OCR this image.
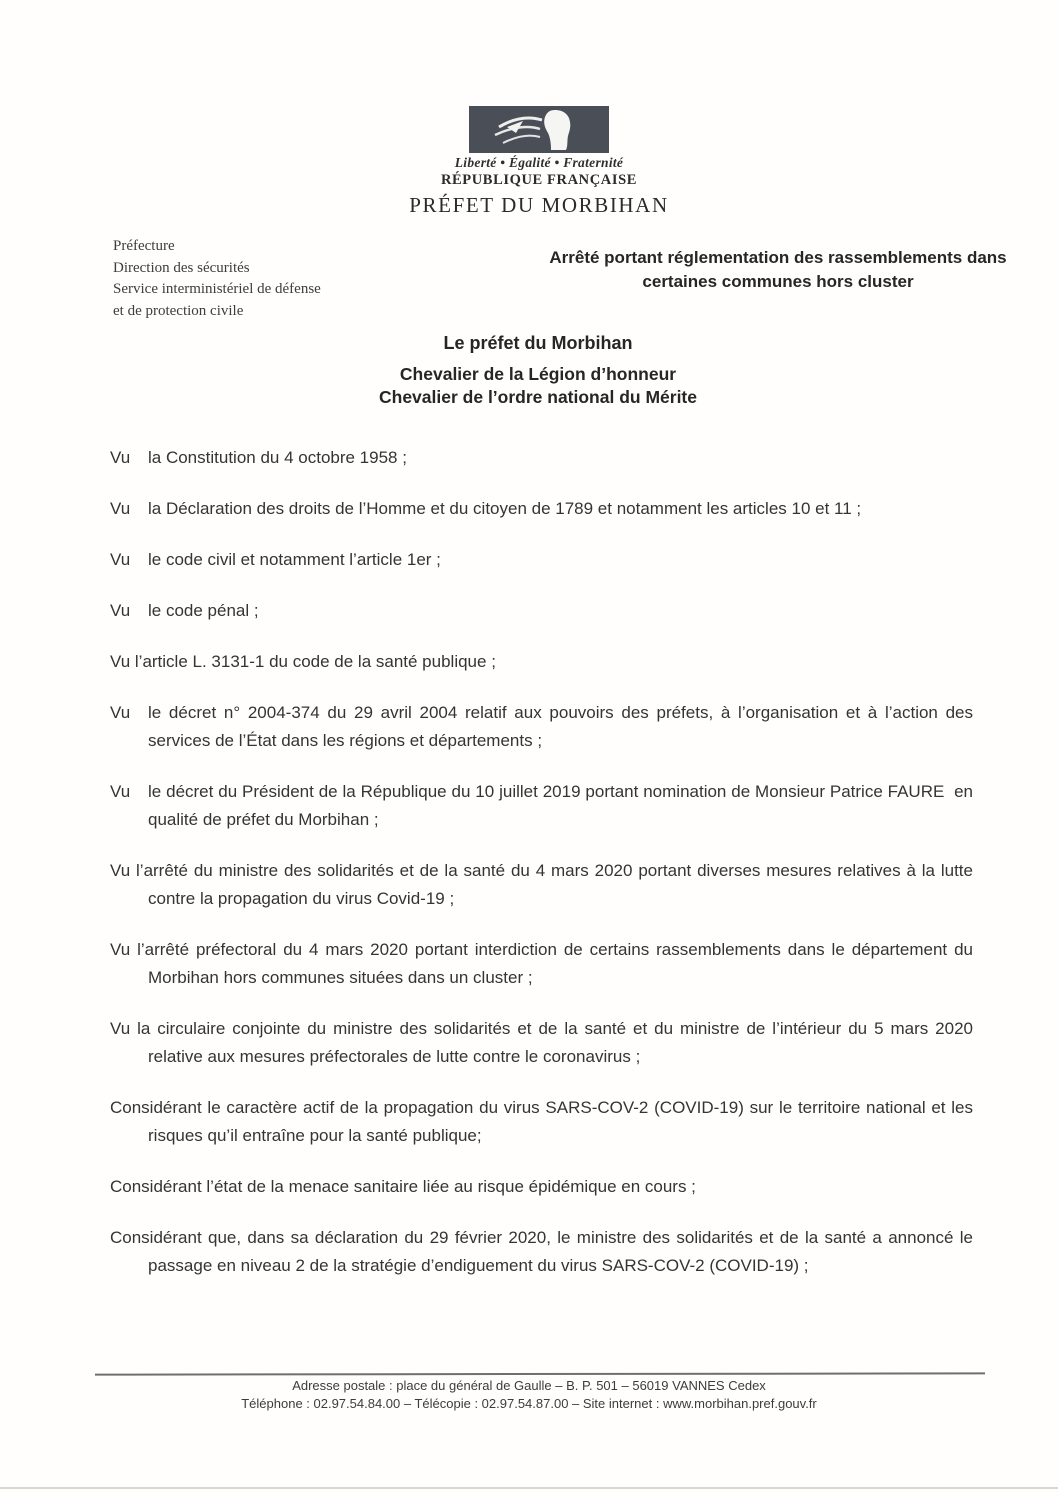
Liberté • Égalité • Fraternité
RÉPUBLIQUE FRANÇAISE
PRÉFET DU MORBIHAN
Préfecture
Direction des sécurités
Service interministériel de défense
et de protection civile
Arrêté portant réglementation des rassemblements dans certaines communes hors cluster
Le préfet du Morbihan
Chevalier de la Légion d’honneur
Chevalier de l’ordre national du Mérite

Vu la Constitution du 4 octobre 1958 ;

Vu la Déclaration des droits de l’Homme et du citoyen de 1789 et notamment les articles 10 et 11 ;

Vu le code civil et notamment l’article 1er ;

Vu le code pénal ;

Vu l’article L. 3131-1 du code de la santé publique ;

Vu le décret n° 2004-374 du 29 avril 2004 relatif aux pouvoirs des préfets, à l’organisation et à l’action des services de l’État dans les régions et départements ;

Vu le décret du Président de la République du 10 juillet 2019 portant nomination de Monsieur Patrice FAURE  en qualité de préfet du Morbihan ;

Vu l’arrêté du ministre des solidarités et de la santé du 4 mars 2020 portant diverses mesures relatives à la lutte contre la propagation du virus Covid-19 ;

Vu l’arrêté préfectoral du 4 mars 2020 portant interdiction de certains rassemblements dans le département du Morbihan hors communes situées dans un cluster ;

Vu la circulaire conjointe du ministre des solidarités et de la santé et du ministre de l’intérieur du 5 mars 2020 relative aux mesures préfectorales de lutte contre le coronavirus ;

Considérant le caractère actif de la propagation du virus SARS-COV-2 (COVID-19) sur le territoire national et les risques qu’il entraîne pour la santé publique;

Considérant l’état de la menace sanitaire liée au risque épidémique en cours ;

Considérant que, dans sa déclaration du 29 février 2020, le ministre des solidarités et de la santé a annoncé le passage en niveau 2 de la stratégie d’endiguement du virus SARS-COV-2 (COVID-19) ;

Adresse postale : place du général de Gaulle – B. P. 501 – 56019 VANNES Cedex
Téléphone : 02.97.54.84.00 – Télécopie : 02.97.54.87.00 – Site internet : www.morbihan.pref.gouv.fr
